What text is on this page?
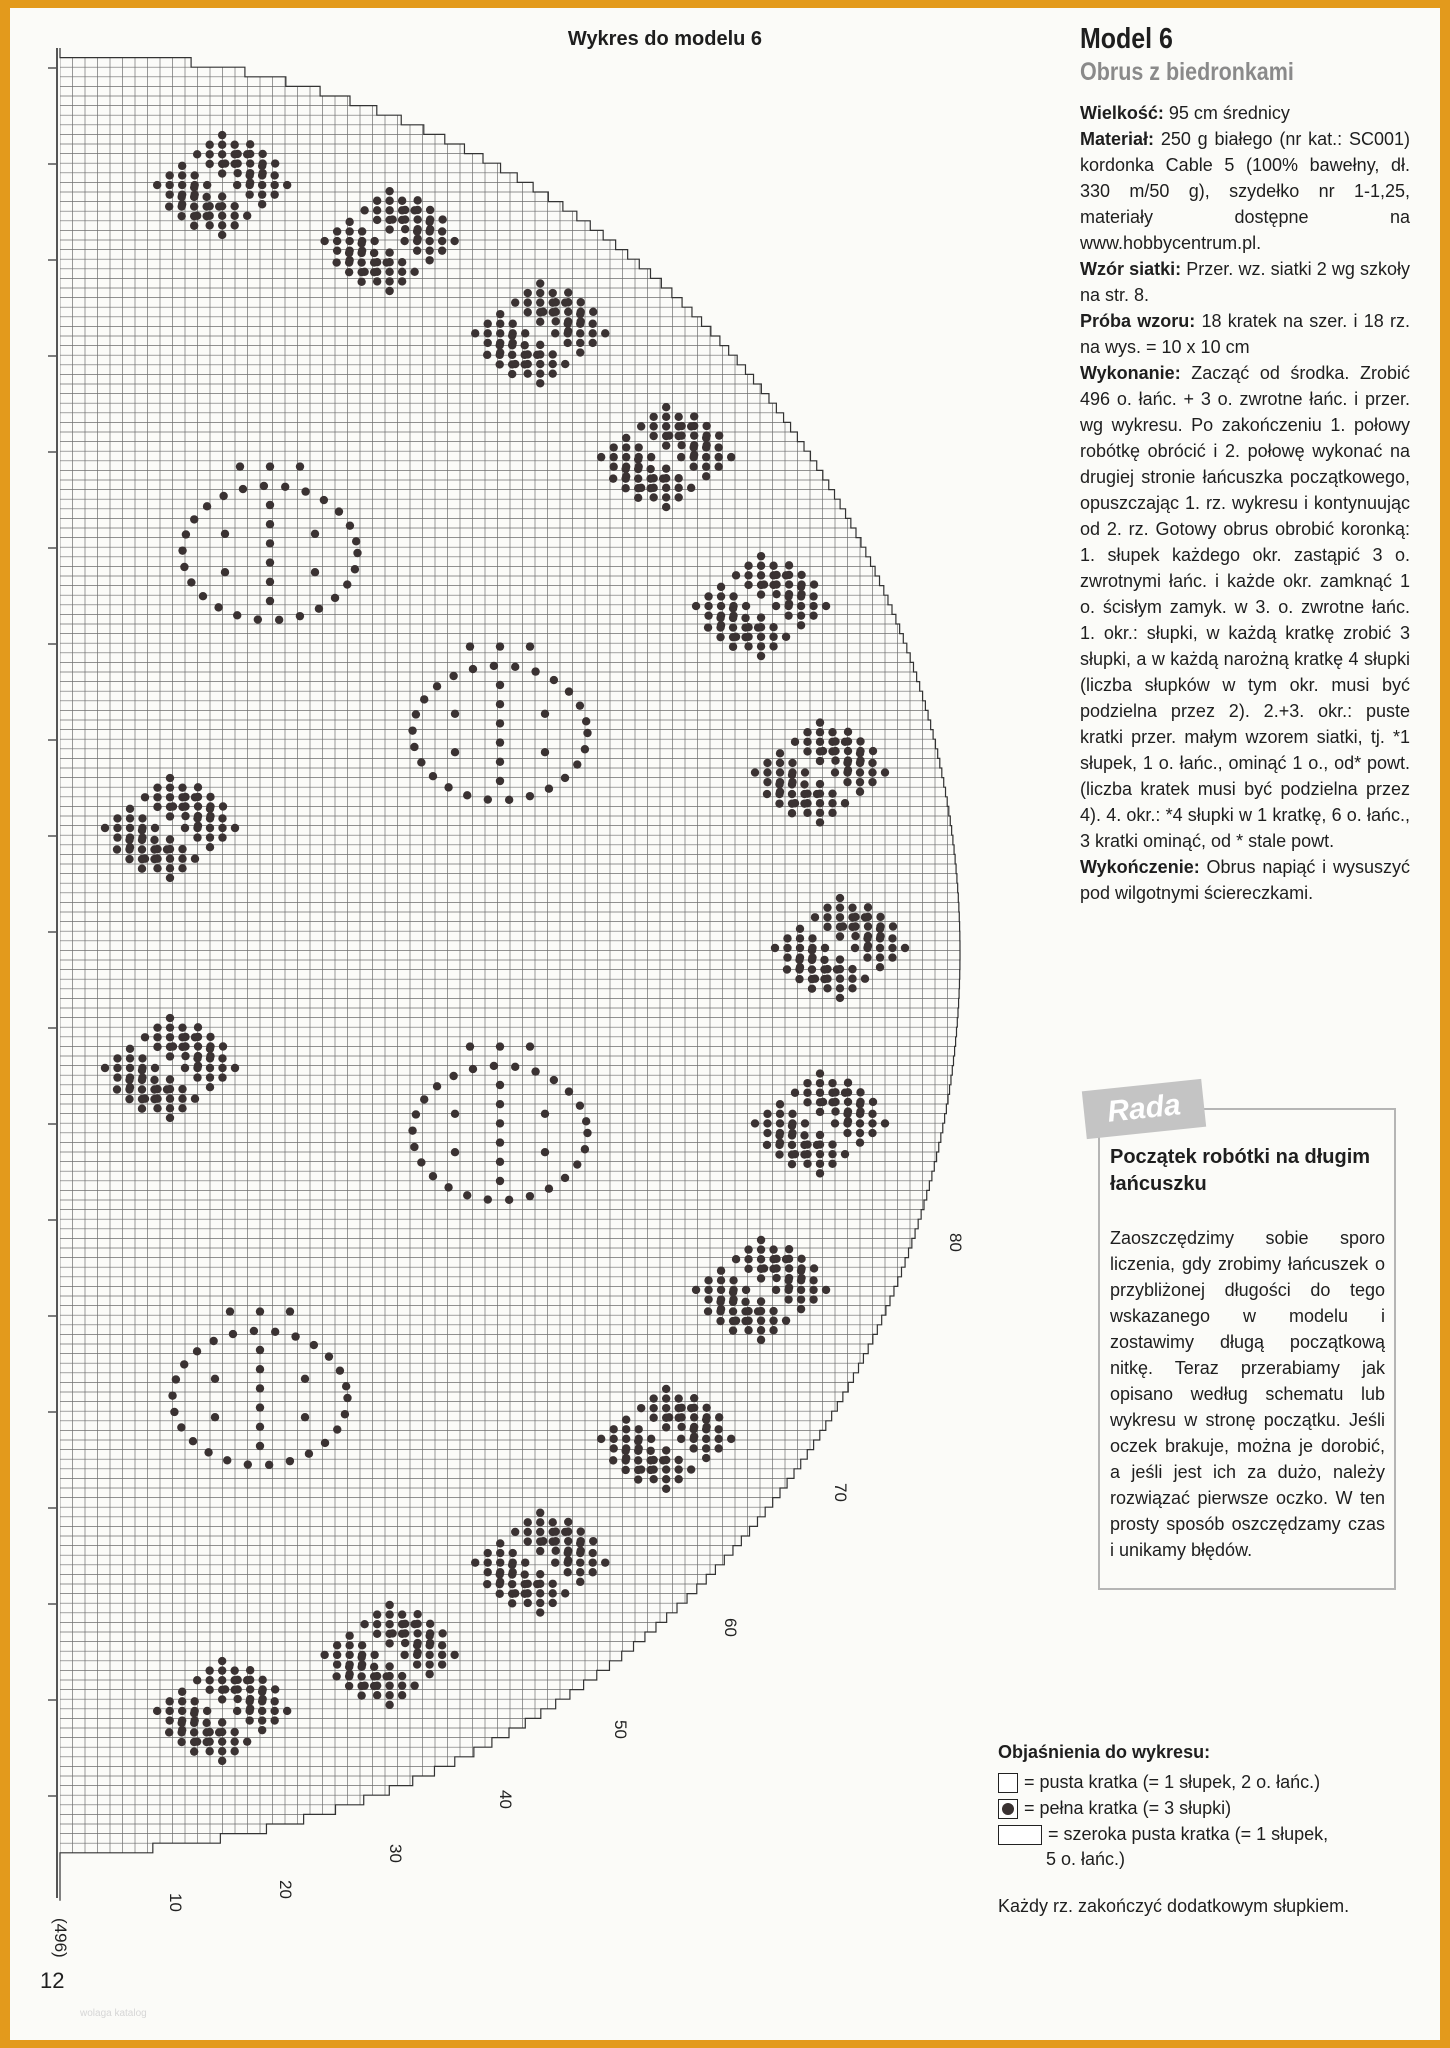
Wykres do modelu 6
80
70
60
50
40
30
20
10
(496)
12
wolaga katalog
Model 6
Obrus z biedronkami
Wielkość: 95 cm średnicy
Materiał: 250 g białego (nr kat.: SC001) kordonka Cable 5 (100% bawełny, dł. 330 m/50 g), szydełko nr 1-1,25, materiały dostępne na www.hobbycentrum.pl.
Wzór siatki: Przer. wz. siatki 2 wg szkoły na str. 8.
Próba wzoru: 18 kratek na szer. i 18 rz. na wys. = 10 x 10 cm
Wykonanie: Zacząć od środka. Zrobić 496 o. łańc. + 3 o. zwrotne łańc. i przer. wg wykresu. Po zakończeniu 1. połowy robótkę obrócić i 2. połowę wykonać na drugiej stronie łańcuszka początkowego, opuszczając 1. rz. wykresu i kontynuując od 2. rz. Gotowy obrus obrobić koronką: 1. słupek każdego okr. zastąpić 3 o. zwrotnymi łańc. i każde okr. zamknąć 1 o. ścisłym zamyk. w 3. o. zwrotne łańc. 1. okr.: słupki, w każdą kratkę zrobić 3 słupki, a w każdą narożną kratkę 4 słupki (liczba słupków w tym okr. musi być podzielna przez 2). 2.+3. okr.: puste kratki przer. małym wzorem siatki, tj. *1 słupek, 1 o. łańc., ominąć 1 o., od* powt. (liczba kratek musi być podzielna przez 4). 4. okr.: *4 słupki w 1 kratkę, 6 o. łańc., 3 kratki ominąć, od * stale powt.
Wykończenie: Obrus napiąć i wysuszyć pod wilgotnymi ściereczkami.
Rada
Początek robótki na długim łańcuszku
Zaoszczędzimy sobie sporo liczenia, gdy zrobimy łańcuszek o przybliżonej długości do tego wskazanego w modelu i zostawimy długą początkową nitkę. Teraz przerabiamy jak opisano według schematu lub wykresu w stronę początku. Jeśli oczek brakuje, można je dorobić, a jeśli jest ich za dużo, należy rozwiązać pierwsze oczko. W ten prosty sposób oszczędzamy czas i unikamy błędów.
Objaśnienia do wykresu:
= pusta kratka (= 1 słupek, 2 o. łańc.)
= pełna kratka (= 3 słupki)
= szeroka pusta kratka (= 1 słupek,
5 o. łańc.)
Każdy rz. zakończyć dodatkowym słupkiem.
